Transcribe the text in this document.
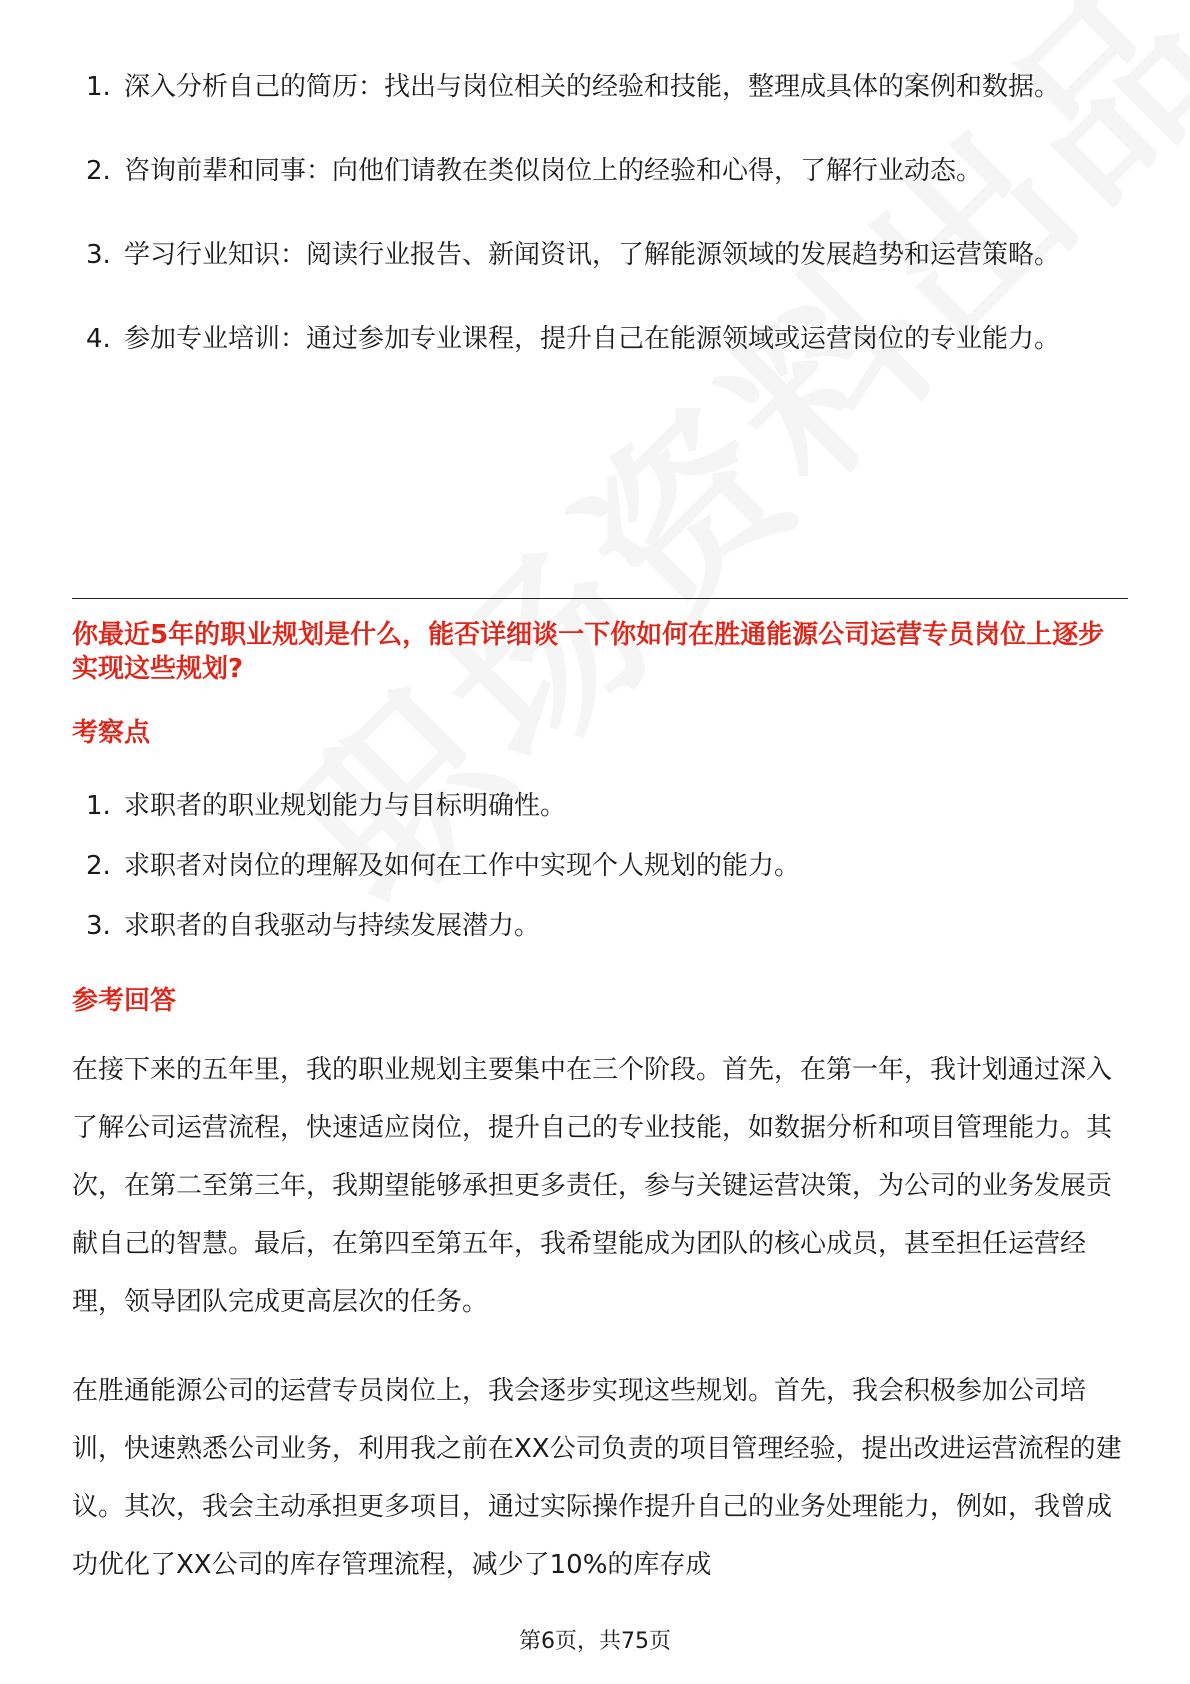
1. 深入分析自己的简历：找出与岗位相关的经验和技能，整理成具体的案例和数据。
2. 咨询前辈和同事：向他们请教在类似岗位上的经验和心得，了解行业动态。
3. 学习行业知识：阅读行业报告、新闻资讯，了解能源领域的发展趋势和运营策略。
4. 参加专业培训：通过参加专业课程，提升自己在能源领域或运营岗位的专业能力。
你最近5年的职业规划是什么，能否详细谈一下你如何在胜通能源公司运营专员岗位上逐步实现这些规划?
考察点
1. 求职者的职业规划能力与目标明确性。
2. 求职者对岗位的理解及如何在工作中实现个人规划的能力。
3. 求职者的自我驱动与持续发展潜力。
参考回答

在接下来的五年里，我的职业规划主要集中在三个阶段。首先，在第一年，我计划通过深入了解公司运营流程，快速适应岗位，提升自己的专业技能，如数据分析和项目管理能力。其次，在第二至第三年，我期望能够承担更多责任，参与关键运营决策，为公司的业务发展贡献自己的智慧。最后，在第四至第五年，我希望能成为团队的核心成员，甚至担任运营经理，领导团队完成更高层次的任务。

在胜通能源公司的运营专员岗位上，我会逐步实现这些规划。首先，我会积极参加公司培训，快速熟悉公司业务，利用我之前在XX公司负责的项目管理经验，提出改进运营流程的建议。其次，我会主动承担更多项目，通过实际操作提升自己的业务处理能力，例如，我曾成功优化了XX公司的库存管理流程，减少了10%的库存成

第6页，共75页
